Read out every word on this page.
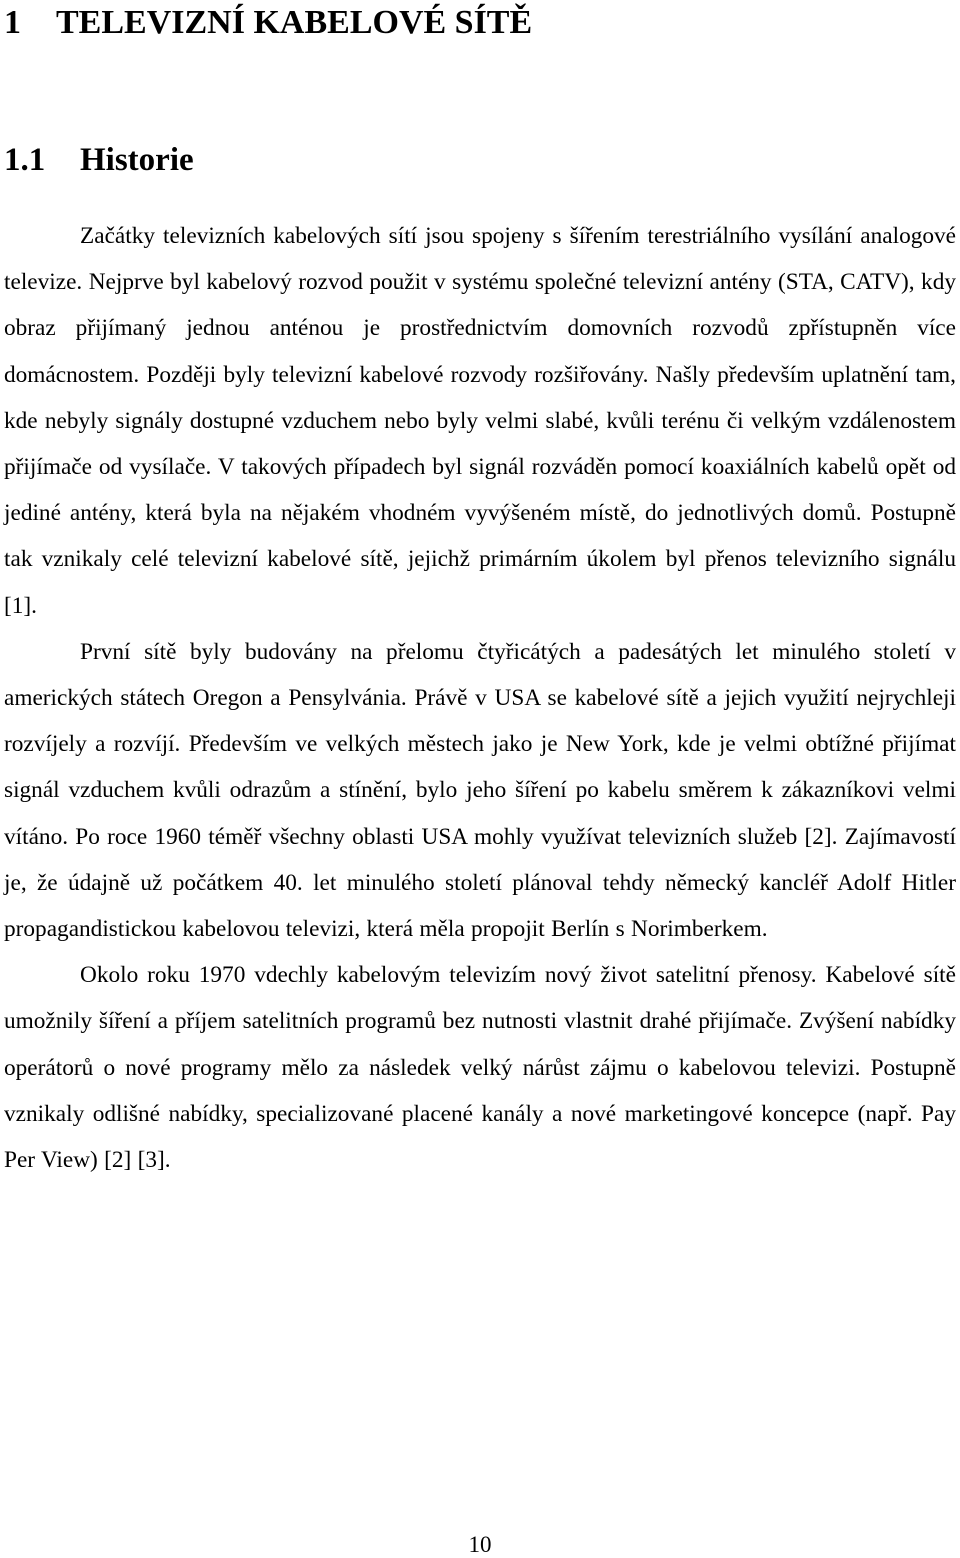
1 TELEVIZNÍ KABELOVÉ SÍTĚ
1.1 Historie

Začátky televizních kabelových sítí jsou spojeny s šířením terestriálního vysílání analogové televize. Nejprve byl kabelový rozvod použit v systému společné televizní antény (STA, CATV), kdy obraz přijímaný jednou anténou je prostřednictvím domovních rozvodů zpřístupněn více domácnostem. Později byly televizní kabelové rozvody rozšiřovány. Našly především uplatnění tam, kde nebyly signály dostupné vzduchem nebo byly velmi slabé, kvůli terénu či velkým vzdálenostem přijímače od vysílače. V takových případech byl signál rozváděn pomocí koaxiálních kabelů opět od jediné antény, která byla na nějakém vhodném vyvýšeném místě, do jednotlivých domů. Postupně tak vznikaly celé televizní kabelové sítě, jejichž primárním úkolem byl přenos televizního signálu [1].

První sítě byly budovány na přelomu čtyřicátých a padesátých let minulého století v amerických státech Oregon a Pensylvánia. Právě v USA se kabelové sítě a jejich využití nejrychleji rozvíjely a rozvíjí. Především ve velkých městech jako je New York, kde je velmi obtížné přijímat signál vzduchem kvůli odrazům a stínění, bylo jeho šíření po kabelu směrem k zákazníkovi velmi vítáno. Po roce 1960 téměř všechny oblasti USA mohly využívat televizních služeb [2]. Zajímavostí je, že údajně už počátkem 40. let minulého století plánoval tehdy německý kancléř Adolf Hitler propagandistickou kabelovou televizi, která měla propojit Berlín s Norimberkem.

Okolo roku 1970 vdechly kabelovým televizím nový život satelitní přenosy. Kabelové sítě umožnily šíření a příjem satelitních programů bez nutnosti vlastnit drahé přijímače. Zvýšení nabídky operátorů o nové programy mělo za následek velký nárůst zájmu o kabelovou televizi. Postupně vznikaly odlišné nabídky, specializované placené kanály a nové marketingové koncepce (např. Pay Per View) [2] [3].

10
